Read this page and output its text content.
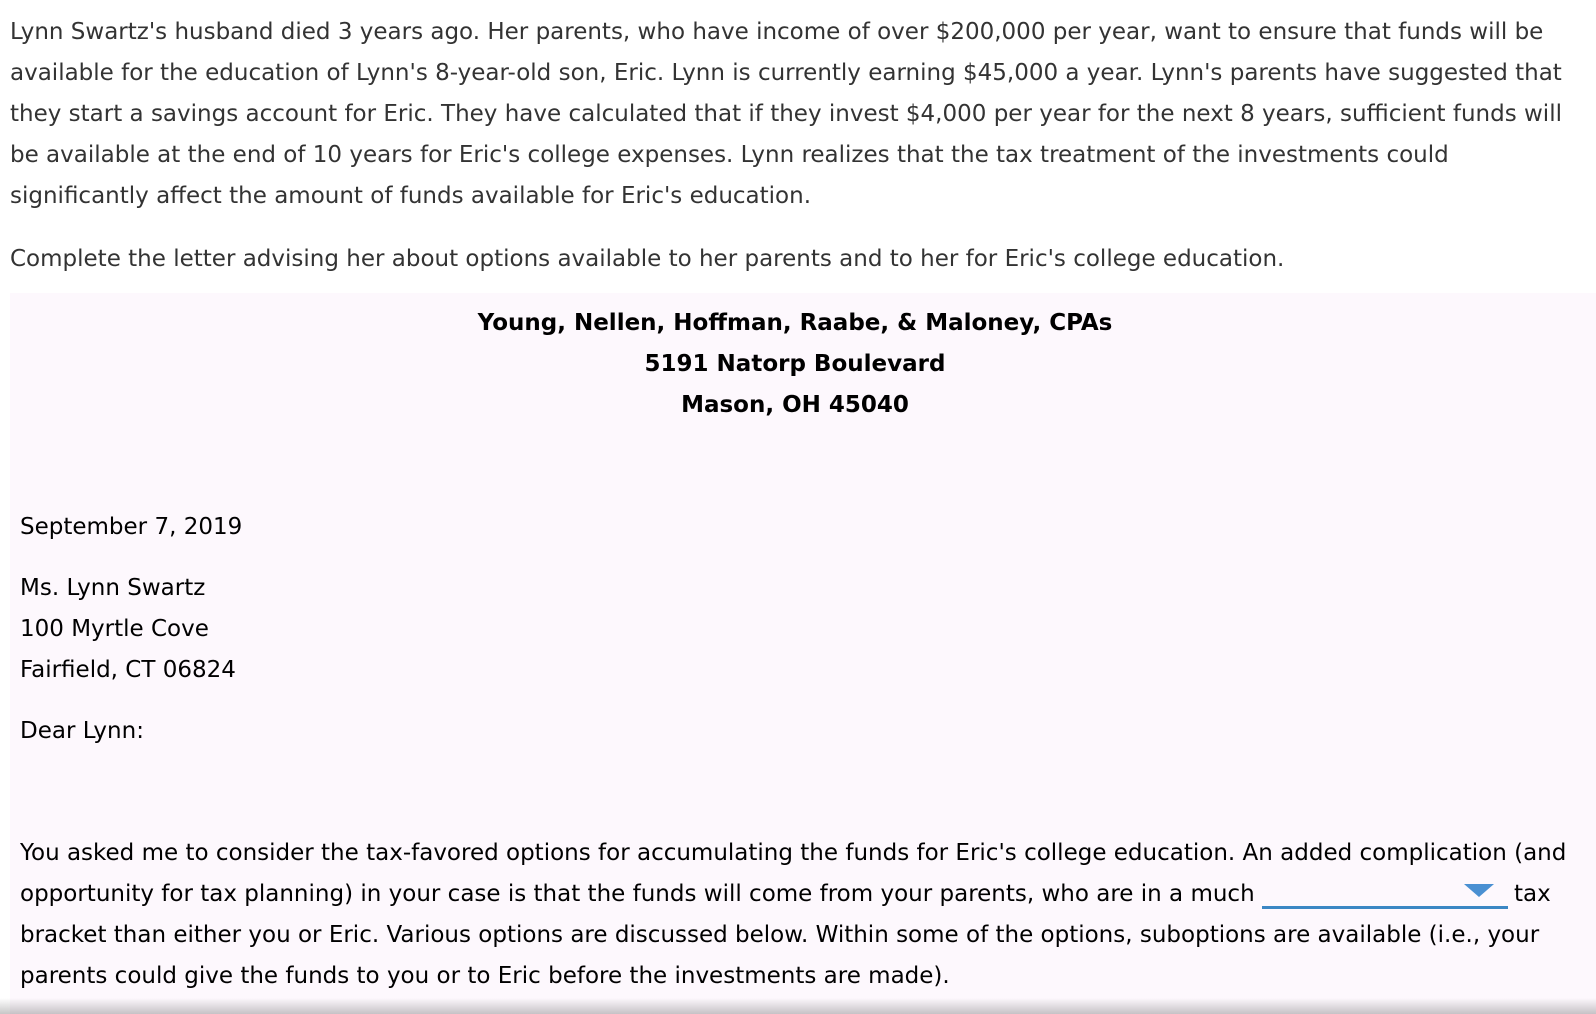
Lynn Swartz's husband died 3 years ago. Her parents, who have income of over $200,000 per year, want to ensure that funds will be available for the education of Lynn's 8-year-old son, Eric. Lynn is currently earning $45,000 a year. Lynn's parents have suggested that they start a savings account for Eric. They have calculated that if they invest $4,000 per year for the next 8 years, sufficient funds will be available at the end of 10 years for Eric's college expenses. Lynn realizes that the tax treatment of the investments could significantly affect the amount of funds available for Eric's education.

Complete the letter advising her about options available to her parents and to her for Eric's college education.

Young, Nellen, Hoffman, Raabe, & Maloney, CPAs
5191 Natorp Boulevard
Mason, OH 45040
September 7, 2019
Ms. Lynn Swartz
100 Myrtle Cove
Fairfield, CT 06824
Dear Lynn:
You asked me to consider the tax-favored options for accumulating the funds for Eric's college education. An added complication (and opportunity for tax planning) in your case is that the funds will come from your parents, who are in a much	tax bracket than either you or Eric. Various options are discussed below. Within some of the options, suboptions are available (i.e., your parents could give the funds to you or to Eric before the investments are made).
